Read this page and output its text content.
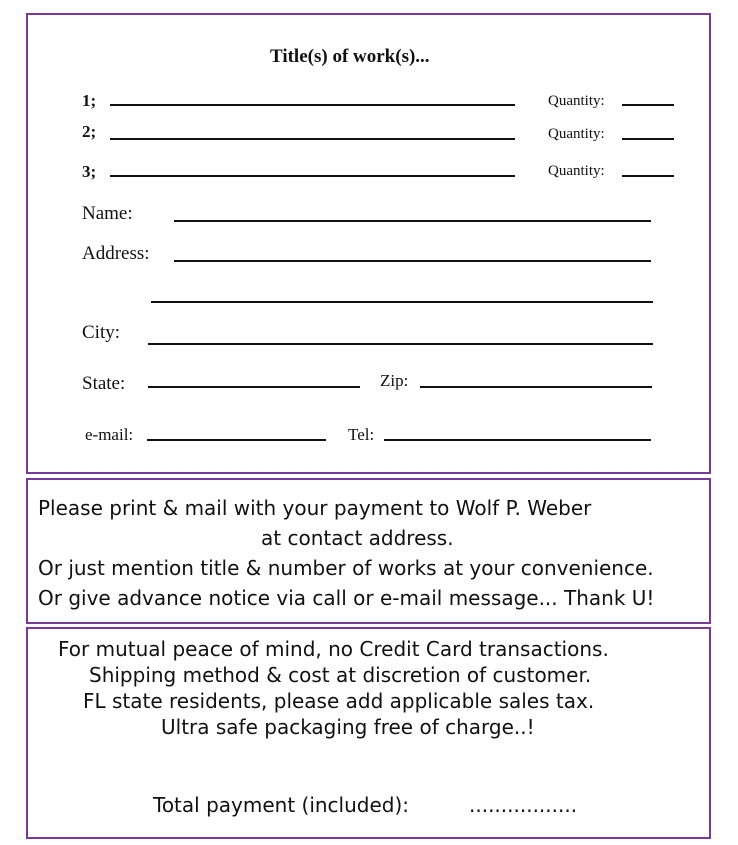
Title(s) of work(s)...
1;	Quantity:
2;	Quantity:
3;	Quantity:
Name:
Address:
City:
State:	Zip:
e-mail:	Tel:
Please print & mail with your payment to Wolf P. Weber
at contact address.
Or just mention title & number of works at your convenience.
Or give advance notice via call or e-mail message... Thank U!
For mutual peace of mind, no Credit Card transactions.
Shipping method & cost at discretion of customer.
FL state residents, please add applicable sales tax.
Ultra safe packaging free of charge..!
Total payment (included):	.................
